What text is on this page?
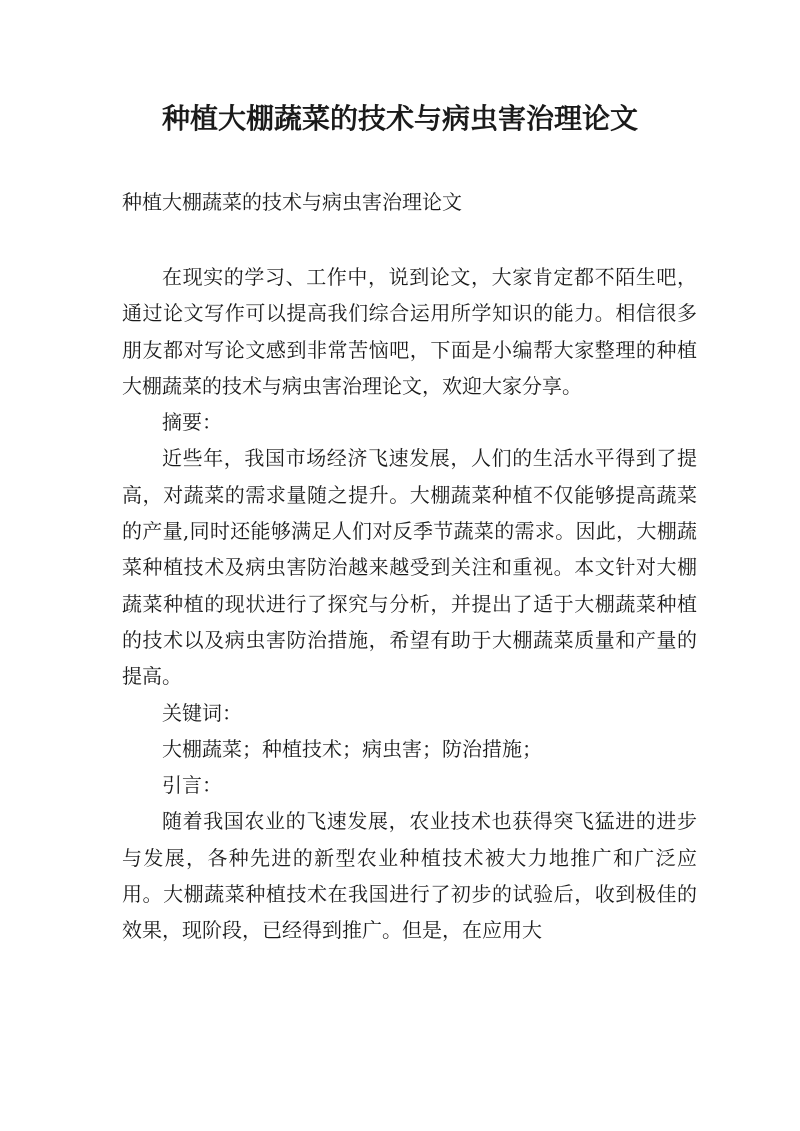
种植大棚蔬菜的技术与病虫害治理论文
种植大棚蔬菜的技术与病虫害治理论文

在现实的学习、工作中，说到论文，大家肯定都不陌生吧，通过论文写作可以提高我们综合运用所学知识的能力。相信很多朋友都对写论文感到非常苦恼吧，下面是小编帮大家整理的种植大棚蔬菜的技术与病虫害治理论文，欢迎大家分享。

摘要：

近些年，我国市场经济飞速发展，人们的生活水平得到了提高，对蔬菜的需求量随之提升。大棚蔬菜种植不仅能够提高蔬菜的产量,同时还能够满足人们对反季节蔬菜的需求。因此，大棚蔬菜种植技术及病虫害防治越来越受到关注和重视。本文针对大棚蔬菜种植的现状进行了探究与分析，并提出了适于大棚蔬菜种植的技术以及病虫害防治措施，希望有助于大棚蔬菜质量和产量的提高。

关键词：

大棚蔬菜；种植技术；病虫害；防治措施；

引言：

随着我国农业的飞速发展，农业技术也获得突飞猛进的进步与发展，各种先进的新型农业种植技术被大力地推广和广泛应用。大棚蔬菜种植技术在我国进行了初步的试验后，收到极佳的效果，现阶段，已经得到推广。但是，在应用大
